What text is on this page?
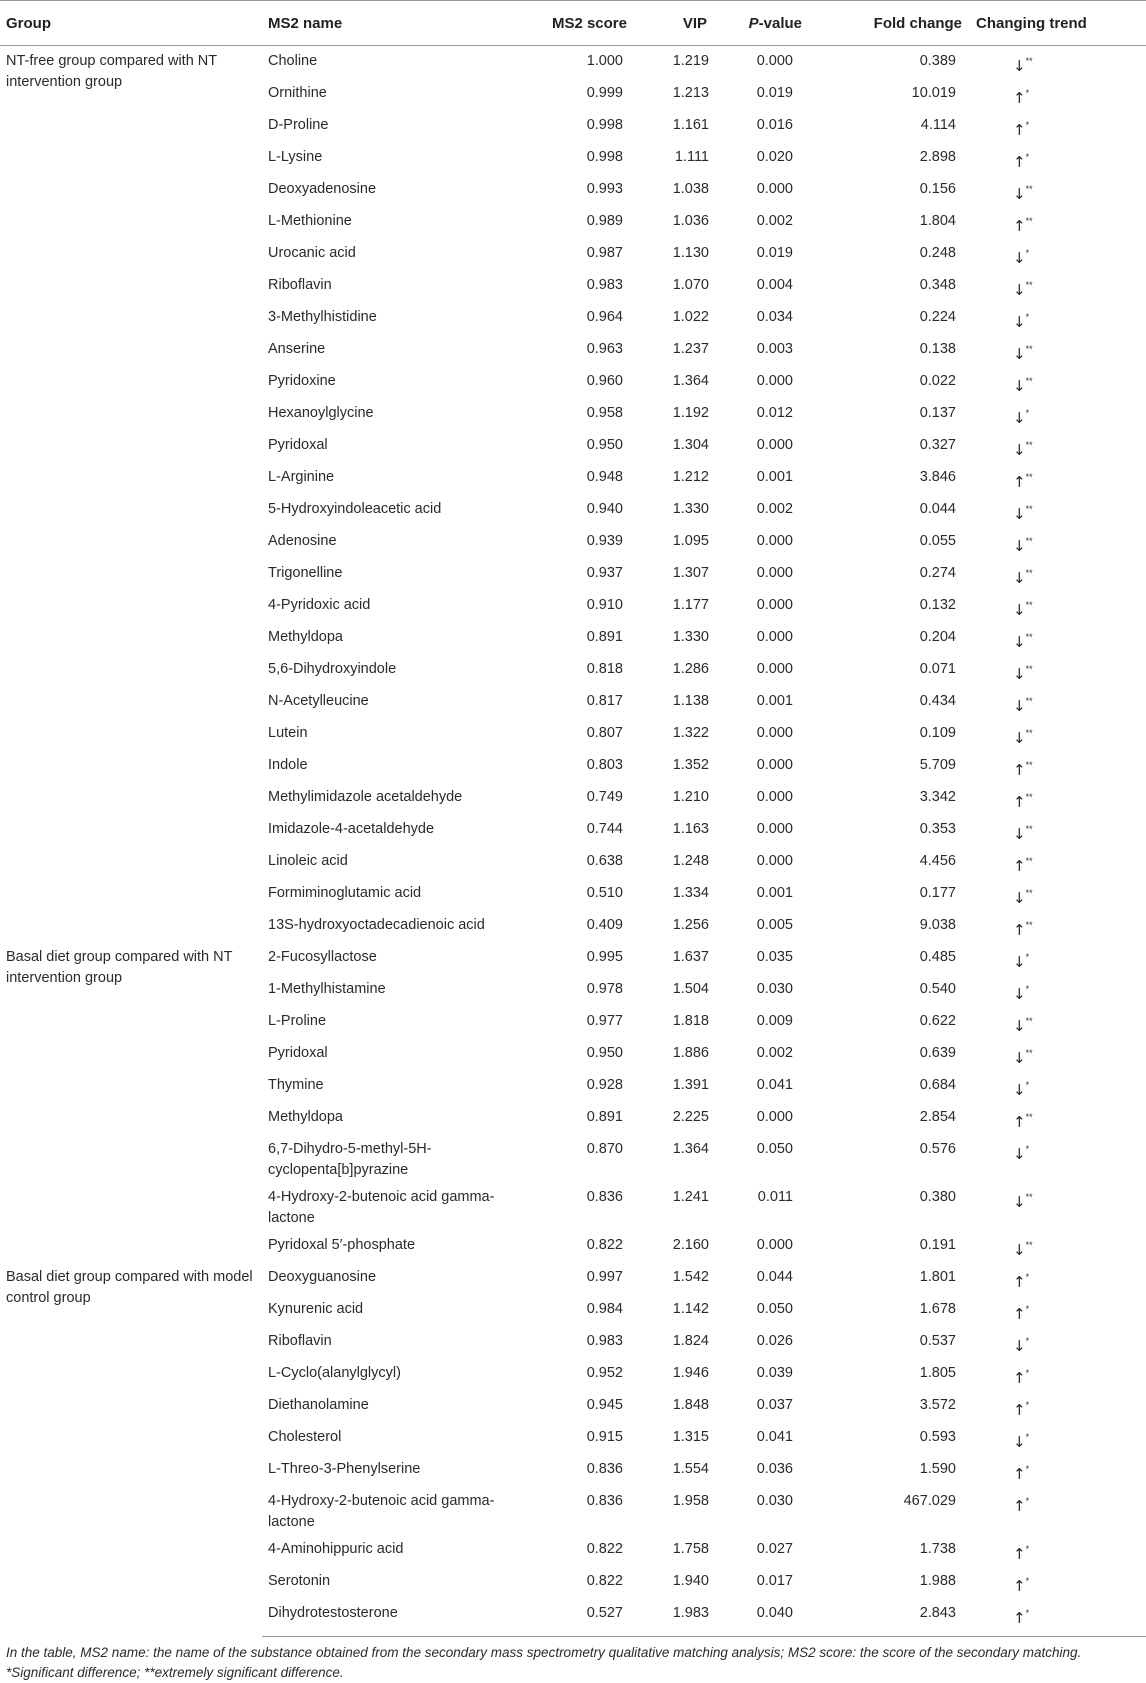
Group	MS2 name	MS2 score	VIP	P-value	Fold change	Changing trend
NT-free group compared with NT intervention group	Choline	1.000	1.219	0.000	0.389	↓**
	Ornithine	0.999	1.213	0.019	10.019	↑*
	D-Proline	0.998	1.161	0.016	4.114	↑*
	L-Lysine	0.998	1.111	0.020	2.898	↑*
	Deoxyadenosine	0.993	1.038	0.000	0.156	↓**
	L-Methionine	0.989	1.036	0.002	1.804	↑**
	Urocanic acid	0.987	1.130	0.019	0.248	↓*
	Riboflavin	0.983	1.070	0.004	0.348	↓**
	3-Methylhistidine	0.964	1.022	0.034	0.224	↓*
	Anserine	0.963	1.237	0.003	0.138	↓**
	Pyridoxine	0.960	1.364	0.000	0.022	↓**
	Hexanoylglycine	0.958	1.192	0.012	0.137	↓*
	Pyridoxal	0.950	1.304	0.000	0.327	↓**
	L-Arginine	0.948	1.212	0.001	3.846	↑**
	5-Hydroxyindoleacetic acid	0.940	1.330	0.002	0.044	↓**
	Adenosine	0.939	1.095	0.000	0.055	↓**
	Trigonelline	0.937	1.307	0.000	0.274	↓**
	4-Pyridoxic acid	0.910	1.177	0.000	0.132	↓**
	Methyldopa	0.891	1.330	0.000	0.204	↓**
	5,6-Dihydroxyindole	0.818	1.286	0.000	0.071	↓**
	N-Acetylleucine	0.817	1.138	0.001	0.434	↓**
	Lutein	0.807	1.322	0.000	0.109	↓**
	Indole	0.803	1.352	0.000	5.709	↑**
	Methylimidazole acetaldehyde	0.749	1.210	0.000	3.342	↑**
	Imidazole-4-acetaldehyde	0.744	1.163	0.000	0.353	↓**
	Linoleic acid	0.638	1.248	0.000	4.456	↑**
	Formiminoglutamic acid	0.510	1.334	0.001	0.177	↓**
	13S-hydroxyoctadecadienoic acid	0.409	1.256	0.005	9.038	↑**
Basal diet group compared with NT intervention group	2-Fucosyllactose	0.995	1.637	0.035	0.485	↓*
	1-Methylhistamine	0.978	1.504	0.030	0.540	↓*
	L-Proline	0.977	1.818	0.009	0.622	↓**
	Pyridoxal	0.950	1.886	0.002	0.639	↓**
	Thymine	0.928	1.391	0.041	0.684	↓*
	Methyldopa	0.891	2.225	0.000	2.854	↑**
	6,7-Dihydro-5-methyl-5H-cyclopenta[b]pyrazine	0.870	1.364	0.050	0.576	↓*
	4-Hydroxy-2-butenoic acid gamma-lactone	0.836	1.241	0.011	0.380	↓**
	Pyridoxal 5′-phosphate	0.822	2.160	0.000	0.191	↓**
Basal diet group compared with model control group	Deoxyguanosine	0.997	1.542	0.044	1.801	↑*
	Kynurenic acid	0.984	1.142	0.050	1.678	↑*
	Riboflavin	0.983	1.824	0.026	0.537	↓*
	L-Cyclo(alanylglycyl)	0.952	1.946	0.039	1.805	↑*
	Diethanolamine	0.945	1.848	0.037	3.572	↑*
	Cholesterol	0.915	1.315	0.041	0.593	↓*
	L-Threo-3-Phenylserine	0.836	1.554	0.036	1.590	↑*
	4-Hydroxy-2-butenoic acid gamma-lactone	0.836	1.958	0.030	467.029	↑*
	4-Aminohippuric acid	0.822	1.758	0.027	1.738	↑*
	Serotonin	0.822	1.940	0.017	1.988	↑*
	Dihydrotestosterone	0.527	1.983	0.040	2.843	↑*
In the table, MS2 name: the name of the substance obtained from the secondary mass spectrometry qualitative matching analysis; MS2 score: the score of the secondary matching.
*Significant difference; **extremely significant difference.
